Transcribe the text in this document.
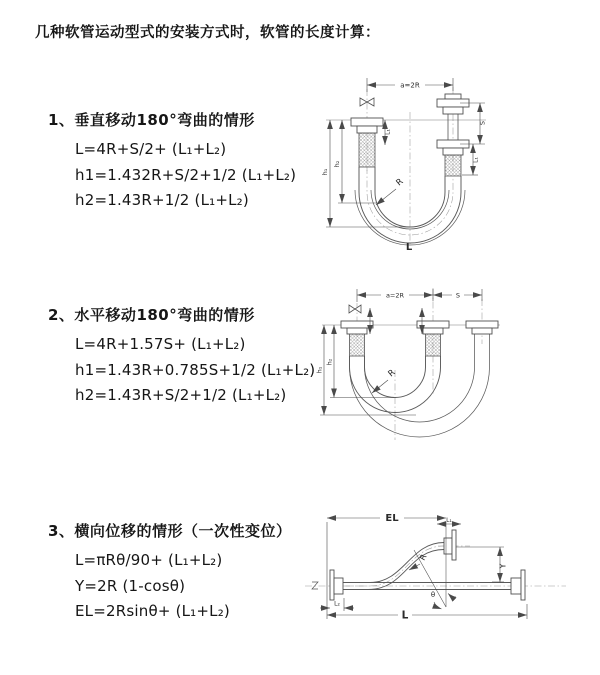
几种软管运动型式的安装方式时，软管的长度计算：
1、垂直移动180°弯曲的情形
L=4R+S/2+ (L₁+L₂)
h1=1.432R+S/2+1/2 (L₁+L₂)
h2=1.43R+1/2 (L₁+L₂)
a=2R
h₁
h₂
S
L₁
L₁
R
L
2、水平移动180°弯曲的情形
L=4R+1.57S+ (L₁+L₂)
h1=1.43R+0.785S+1/2 (L₁+L₂)
h2=1.43R+S/2+1/2 (L₁+L₂)
a=2R	S
h₁
h₂
R
3、横向位移的情形（一次性变位）
L=πRθ/90+ (L₁+L₂)
Y=2R (1-cosθ)
EL=2Rsinθ+ (L₁+L₂)
EL	L₁
Y
L
L₂
R
θ
